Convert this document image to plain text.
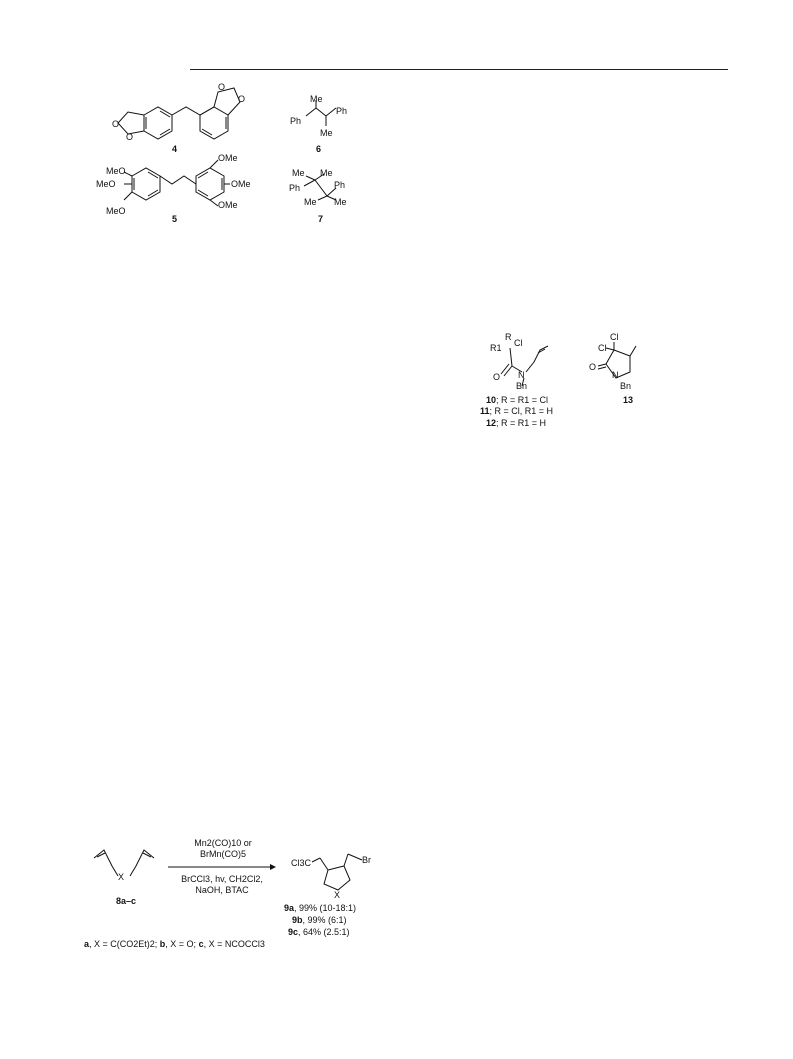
O
O
O
O
4
Me
Ph
Ph
Me
6
MeO
MeO
MeO
OMe
OMe
OMe
5
Me Me
Ph	Ph
Me Me
7
R
Cl
R1
O N
Bn
10; R = R1 = Cl
11; R = Cl, R1 = H
12; R = R1 = H
Cl
Cl
O
N
Bn
13
X
8a–c
Mn2(CO)10 or
BrMn(CO)5
BrCCl3, hv, CH2Cl2,
NaOH, BTAC
Cl3C	Br
X
9a, 99% (10-18:1)
9b, 99% (6:1)
9c, 64% (2.5:1)
a, X = C(CO2Et)2; b, X = O; c, X = NCOCCl3
